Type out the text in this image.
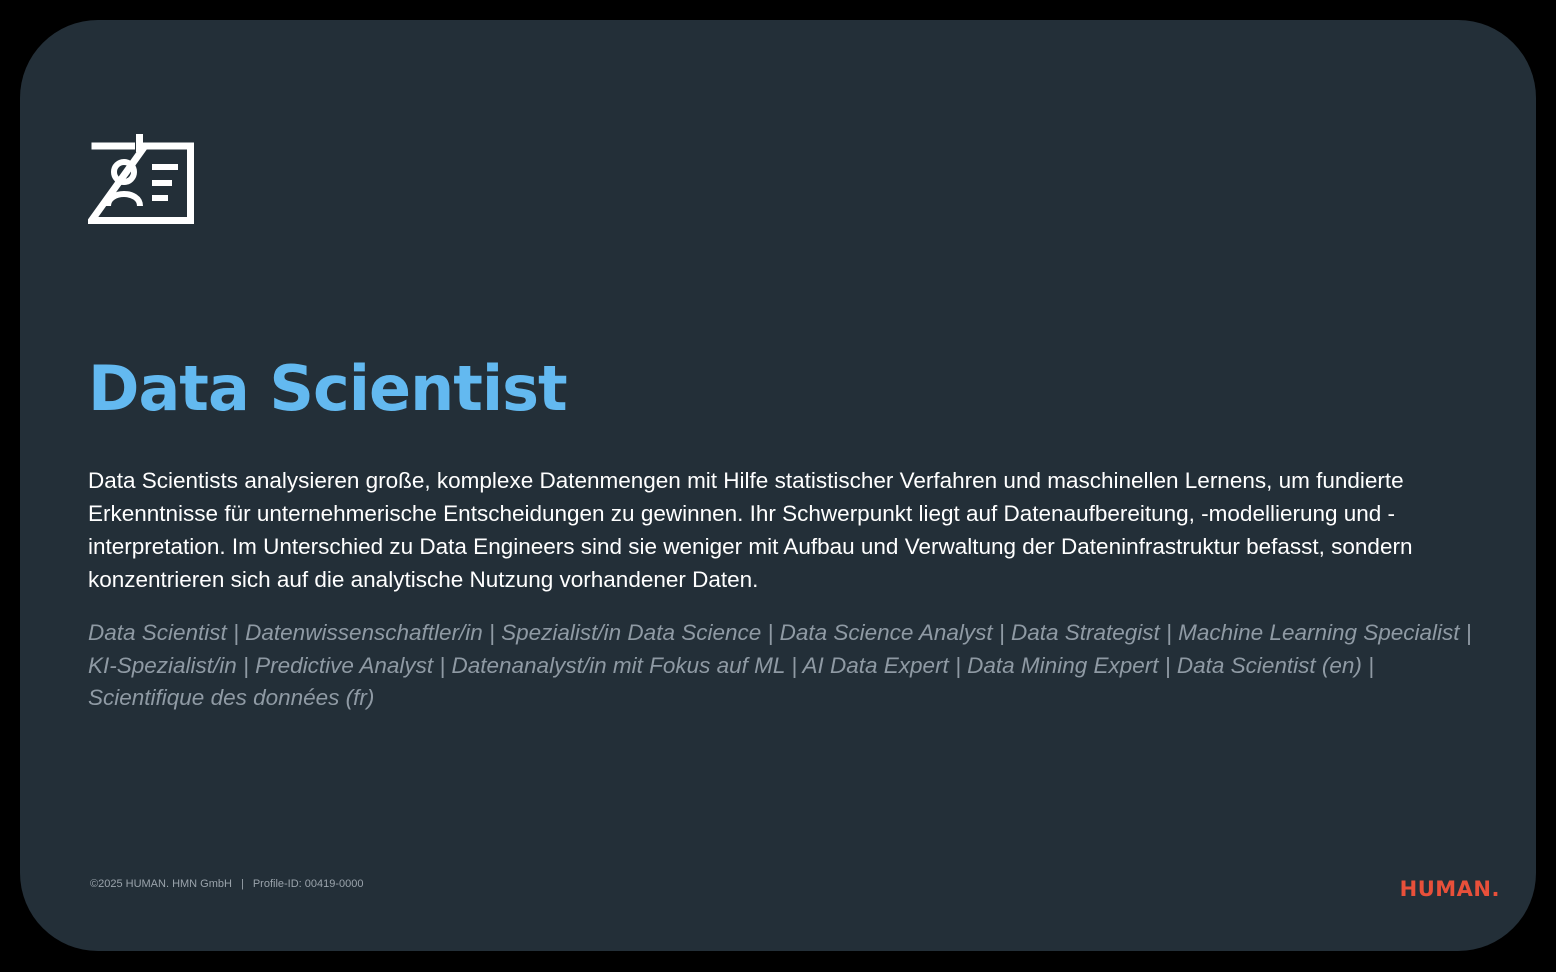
Data Scientist

Data Scientists analysieren große, komplexe Datenmengen mit Hilfe statistischer Verfahren und maschinellen Lernens, um fundierte Erkenntnisse für unternehmerische Entscheidungen zu gewinnen. Ihr Schwerpunkt liegt auf Datenaufbereitung, -modellierung und -interpretation. Im Unterschied zu Data Engineers sind sie weniger mit Aufbau und Verwaltung der Dateninfrastruktur befasst, sondern konzentrieren sich auf die analytische Nutzung vorhandener Daten.

Data Scientist | Datenwissenschaftler/in | Spezialist/in Data Science | Data Science Analyst | Data Strategist | Machine Learning Specialist | KI-Spezialist/in | Predictive Analyst | Datenanalyst/in mit Fokus auf ML | AI Data Expert | Data Mining Expert | Data Scientist (en) | Scientifique des données (fr)

©2025 HUMAN. HMN GmbH | Profile-ID: 00419-0000	HUMAN.
